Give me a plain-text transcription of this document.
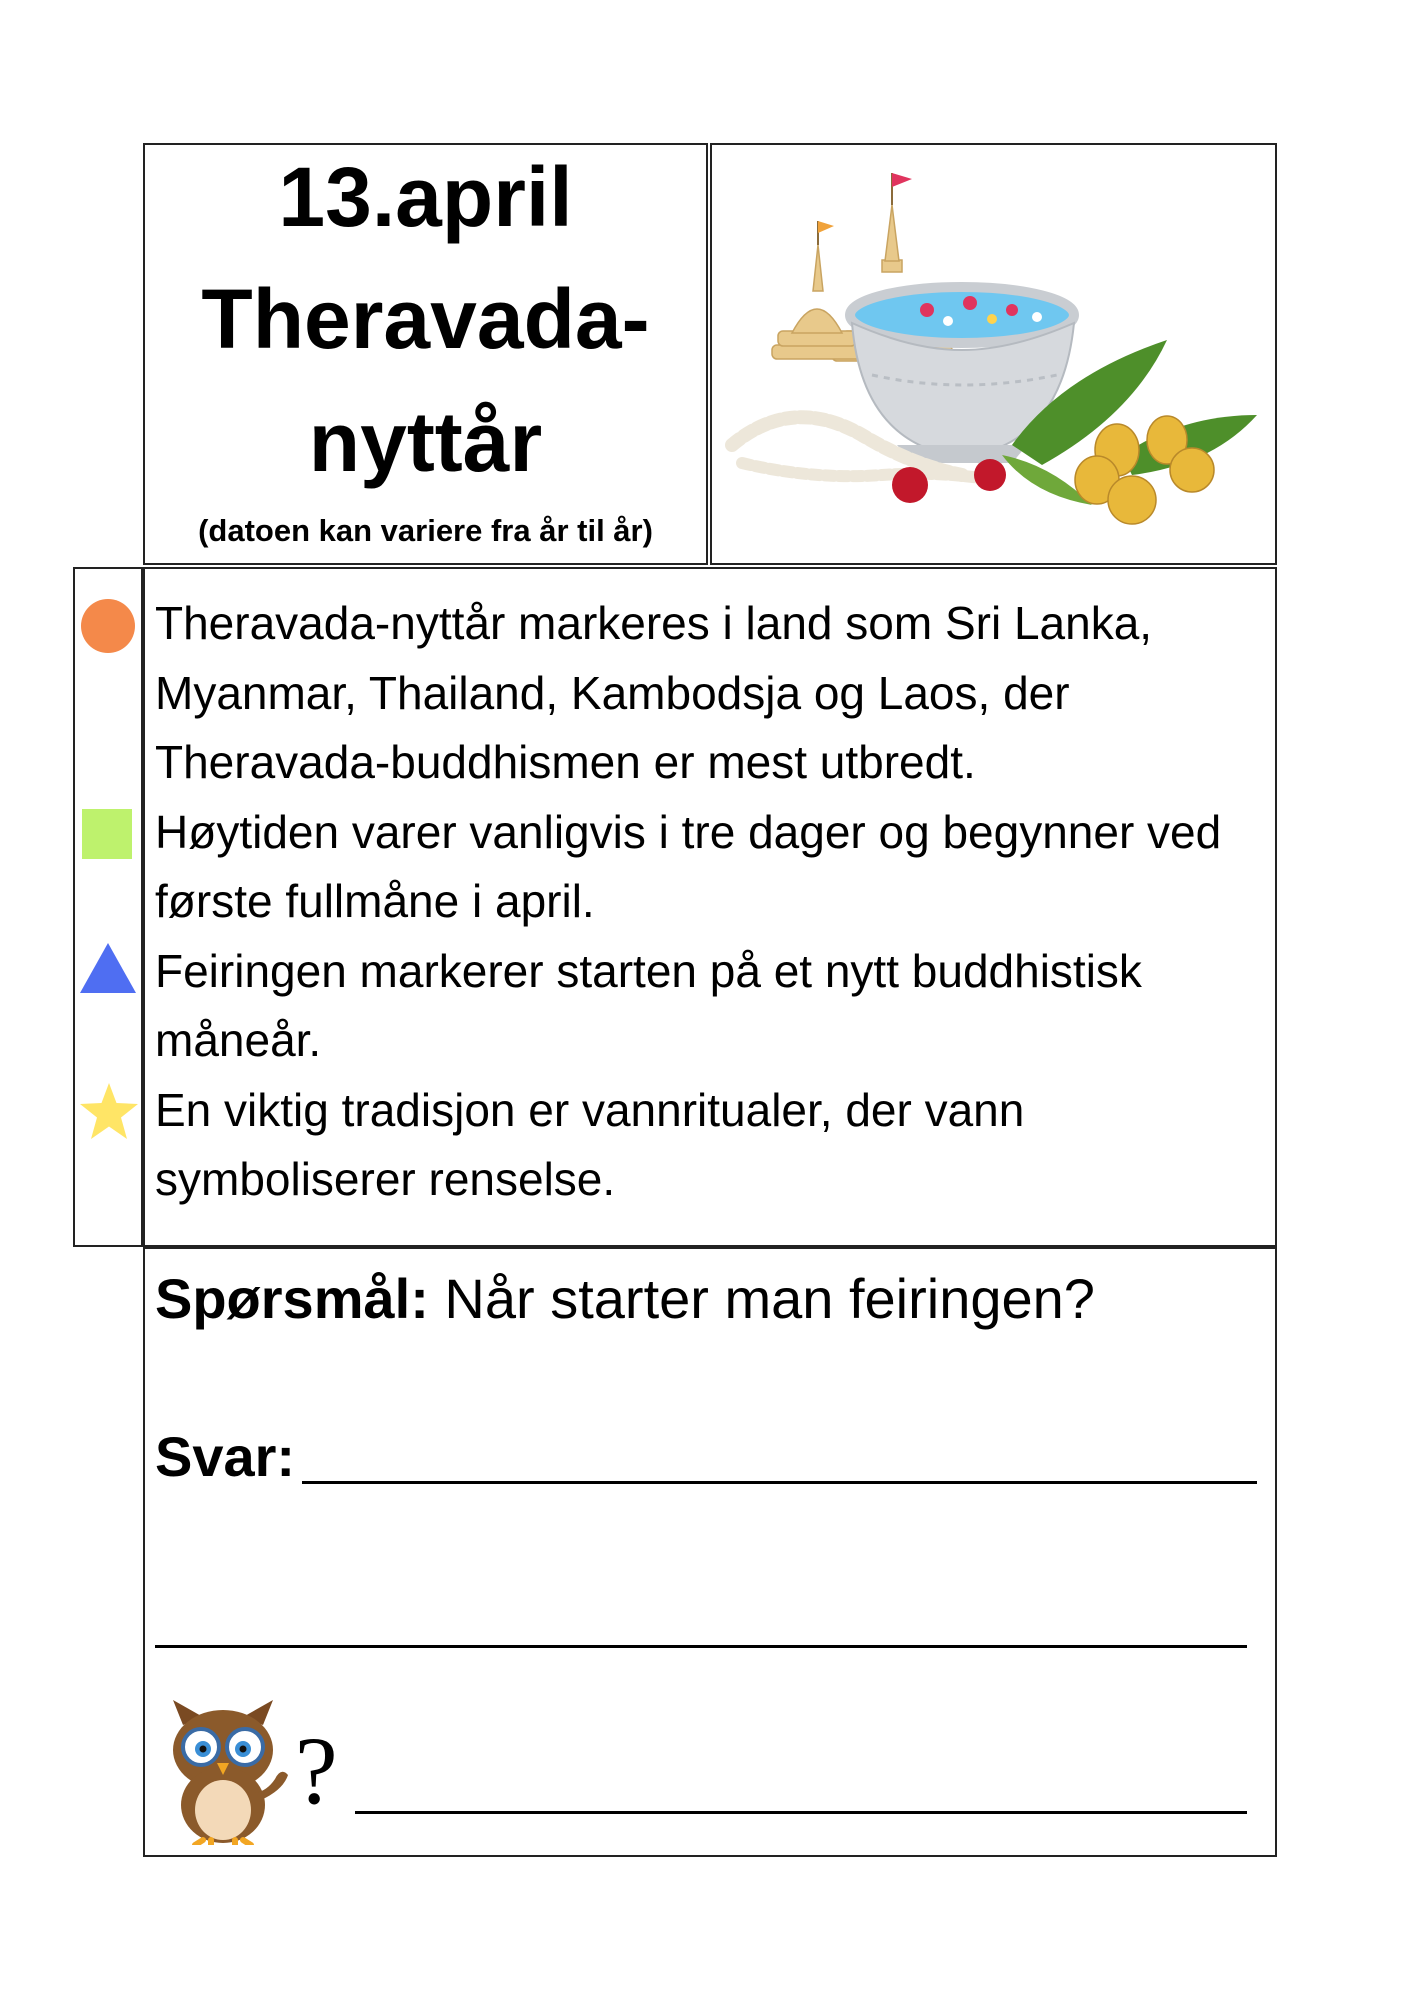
13.april
Theravada-
nyttår
(datoen kan variere fra år til år)

Theravada-nyttår markeres i land som Sri Lanka, Myanmar, Thailand, Kambodsja og Laos, der Theravada-buddhismen er mest utbredt.

Høytiden varer vanligvis i tre dager og begynner ved første fullmåne i april.

Feiringen markerer starten på et nytt buddhistisk måneår.

En viktig tradisjon er vannritualer, der vann symboliserer renselse.

Spørsmål: Når starter man feiringen?
Svar:
?
